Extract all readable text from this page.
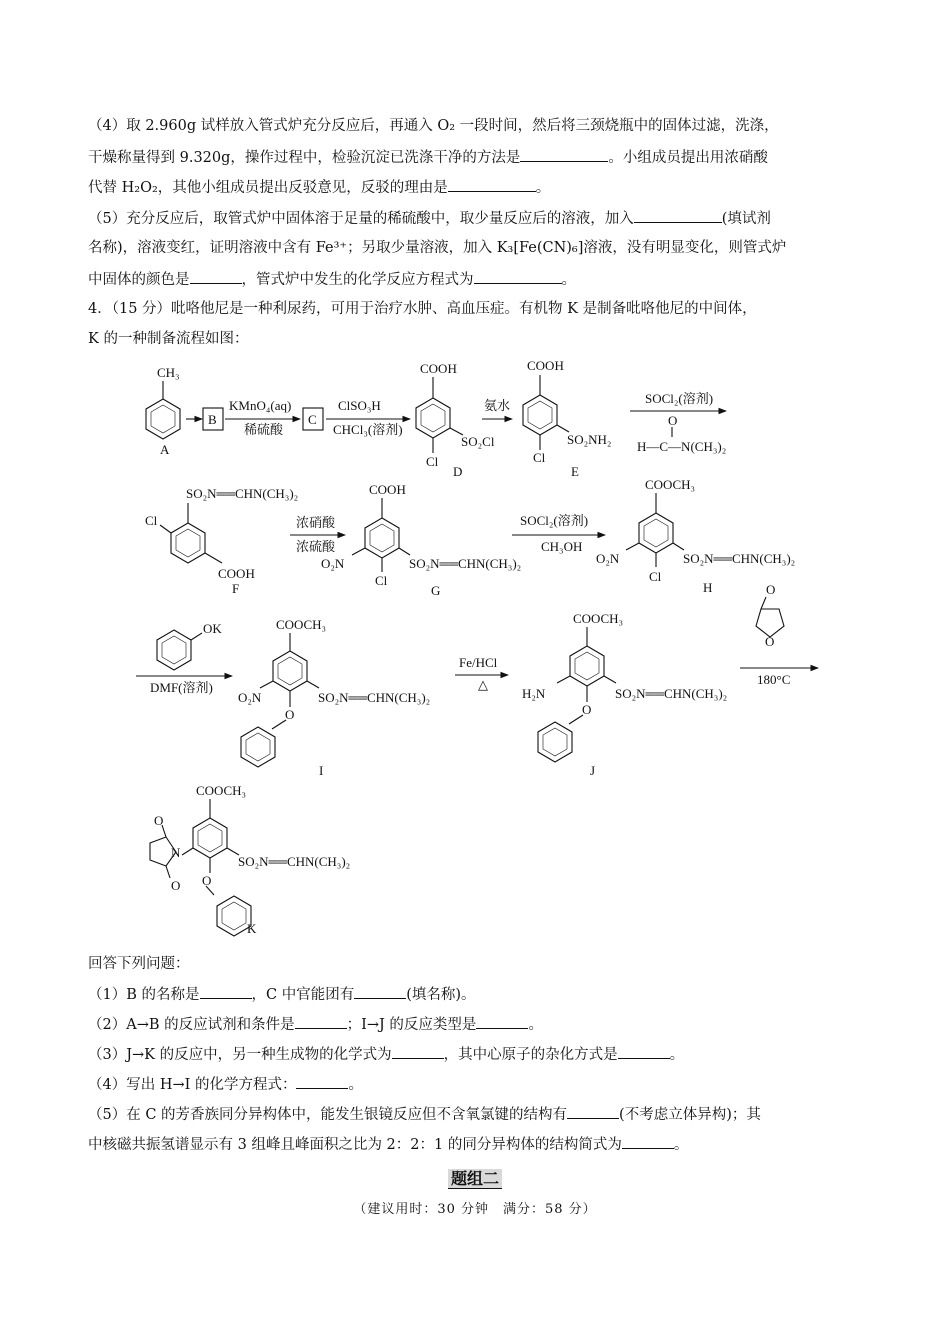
（4）取 2.960g 试样放入管式炉充分反应后，再通入 O₂ 一段时间，然后将三颈烧瓶中的固体过滤，洗涤，
干燥称量得到 9.320g，操作过程中，检验沉淀已洗涤干净的方法是	。小组成员提出用浓硝酸
代替 H₂O₂，其他小组成员提出反驳意见，反驳的理由是	。
（5）充分反应后，取管式炉中固体溶于足量的稀硫酸中，取少量反应后的溶液，加入	(填试剂
名称)，溶液变红，证明溶液中含有 Fe³⁺；另取少量溶液，加入 K₃[Fe(CN)₆]溶液，没有明显变化，则管式炉
中固体的颜色是	，管式炉中发生的化学反应方程式为	。
4．（15 分）吡咯他尼是一种利尿药，可用于治疗水肿、高血压症。有机物 K 是制备吡咯他尼的中间体，
K 的一种制备流程如图：
CH₃
A
B
KMnO₄(aq)
稀硫酸
C
ClSO₃H
CHCl₃(溶剂)
COOH
SO₂Cl
Cl
D
氨水
COOH
SO₂NH₂
Cl
E
SOCl₂(溶剂)
O
H—C—N(CH₃)₂
SO₂N══CHN(CH₃)₂
Cl
COOH
F
浓硝酸
浓硫酸
COOH
SO₂N══CHN(CH₃)₂
O₂N
Cl
G
SOCl₂(溶剂)
CH₃OH
COOCH₃
SO₂N══CHN(CH₃)₂
O₂N
Cl
H
OK
DMF(溶剂)
COOCH₃
SO₂N══CHN(CH₃)₂
O₂N
O
I
Fe/HCl
△
COOCH₃
SO₂N══CHN(CH₃)₂
H₂N
O
J
O
O
180°C
COOCH₃
SO₂N══CHN(CH₃)₂
N
O
O O
K
回答下列问题：
（1）B 的名称是	，C 中官能团有	(填名称)。
（2）A→B 的反应试剂和条件是	；I→J 的反应类型是	。
（3）J→K 的反应中，另一种生成物的化学式为	，其中心原子的杂化方式是	。
（4）写出 H→I 的化学方程式：	。
（5）在 C 的芳香族同分异构体中，能发生银镜反应但不含氧氯键的结构有	(不考虑立体异构)；其
中核磁共振氢谱显示有 3 组峰且峰面积之比为 2：2：1 的同分异构体的结构简式为	。
题组二
（建议用时：30 分钟　满分：58 分）
